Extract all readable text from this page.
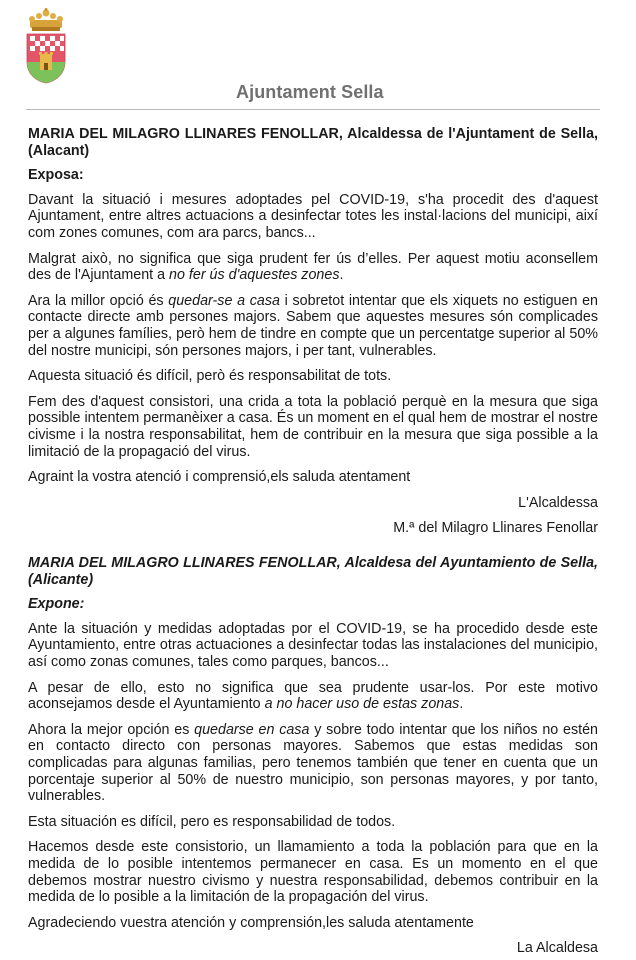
Ajuntament Sella

MARIA DEL MILAGRO LLINARES FENOLLAR, Alcaldessa de l'Ajuntament de Sella, (Alacant)

Exposa:

Davant la situació i mesures adoptades pel COVID-19, s'ha procedit des d'aquest Ajuntament, entre altres actuacions a desinfectar totes les instal·lacions del municipi, així com zones comunes, com ara parcs, bancs...

Malgrat això, no significa que siga prudent fer ús d’elles. Per aquest motiu aconsellem des de l'Ajuntament a no fer ús d'aquestes zones.

Ara la millor opció és quedar-se a casa i sobretot intentar que els xiquets no estiguen en contacte directe amb persones majors. Sabem que aquestes mesures són complicades per a algunes famílies, però hem de tindre en compte que un percentatge superior al 50% del nostre municipi, són persones majors, i per tant, vulnerables.

Aquesta situació és difícil, però és responsabilitat de tots.

Fem des d'aquest consistori, una crida a tota la població perquè en la mesura que siga possible intentem permanèixer a casa. És un moment en el qual hem de mostrar el nostre civisme i la nostra responsabilitat, hem de contribuir en la mesura que siga possible a la limitació de la propagació del virus.

Agraint la vostra atenció i comprensió,els saluda atentament

L'Alcaldessa

M.ª del Milagro Llinares Fenollar

MARIA DEL MILAGRO LLINARES FENOLLAR, Alcaldesa del Ayuntamiento de Sella, (Alicante)

Expone:

Ante la situación y medidas adoptadas por el COVID-19, se ha procedido desde este Ayuntamiento, entre otras actuaciones a desinfectar todas las instalaciones del municipio, así como zonas comunes, tales como parques, bancos...

A pesar de ello, esto no significa que sea prudente usar-los. Por este motivo aconsejamos desde el Ayuntamiento a no hacer uso de estas zonas.

Ahora la mejor opción es quedarse en casa y sobre todo intentar que los niños no estén en contacto directo con personas mayores. Sabemos que estas medidas son complicadas para algunas familias, pero tenemos también que tener en cuenta que un porcentaje superior al 50% de nuestro municipio, son personas mayores, y por tanto, vulnerables.

Esta situación es difícil, pero es responsabilidad de todos.

Hacemos desde este consistorio, un llamamiento a toda la población para que en la medida de lo posible intentemos permanecer en casa. Es un momento en el que debemos mostrar nuestro civismo y nuestra responsabilidad, debemos contribuir en la medida de lo posible a la limitación de la propagación del virus.

Agradeciendo vuestra atención y comprensión,les saluda atentamente

La Alcaldesa
